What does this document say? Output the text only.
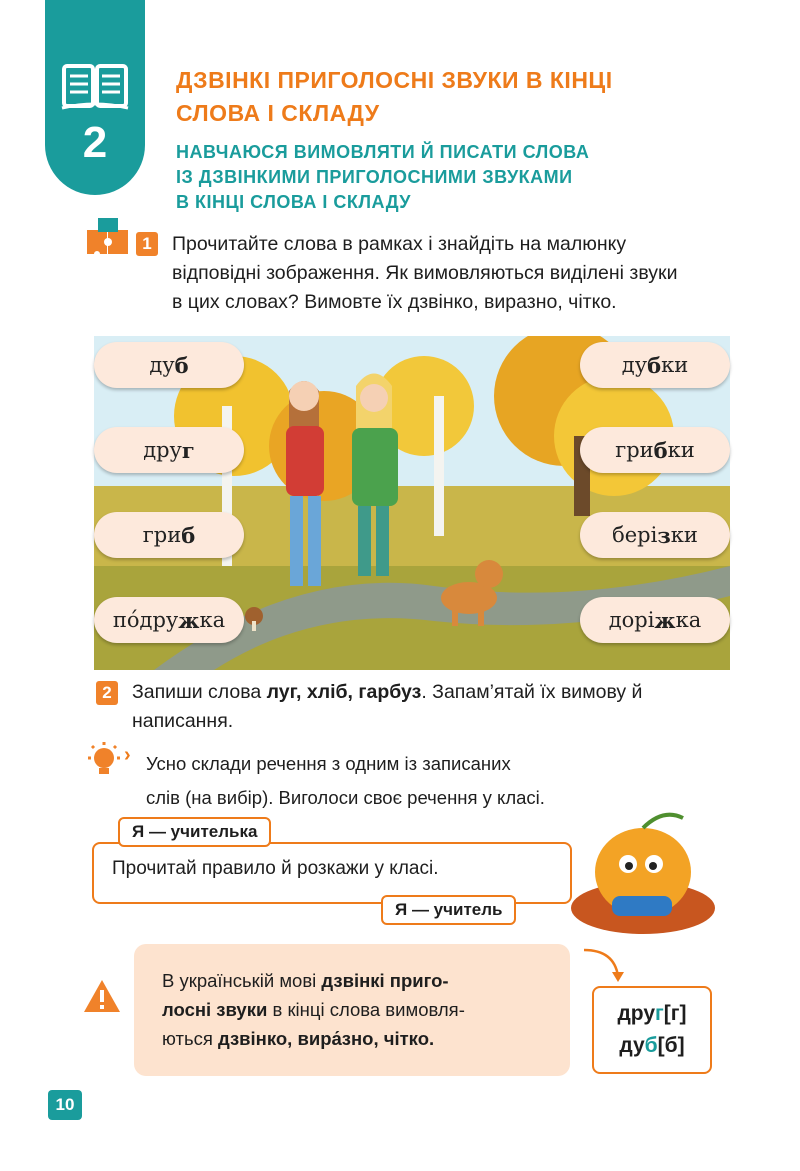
2
ДЗВІНКІ ПРИГОЛОСНІ ЗВУКИ В КІНЦІ
СЛОВА І СКЛАДУ
НАВЧАЮСЯ ВИМОВЛЯТИ Й ПИСАТИ СЛОВА
ІЗ ДЗВІНКИМИ ПРИГОЛОСНИМИ ЗВУКАМИ
В КІНЦІ СЛОВА І СКЛАДУ
1	Прочитайте слова в рамках і знайдіть на малюнку
відповідні зображення. Як вимовляються виділені звуки
в цих словах? Вимовте їх дзвінко, виразно, чітко.
ду б
дру г
гри б
по́дру ж ка
ду б ки
гри б ки
бері з ки
дорі ж ка
2	Запиши слова луг, хліб, гарбуз. Запам’ятай їх вимову й
написання.
› Усно склади речення з одним із записаних
слів (на вибір). Виголоси своє речення у класі.
Прочитай правило й розкажи у класі.
Я — учителька
Я — учитель
В українській мові дзвінкі приго-
лосні звуки в кінці слова вимовля-
ються дзвінко, вира́зно, чітко.
друг[г]
дуб[б]
10
